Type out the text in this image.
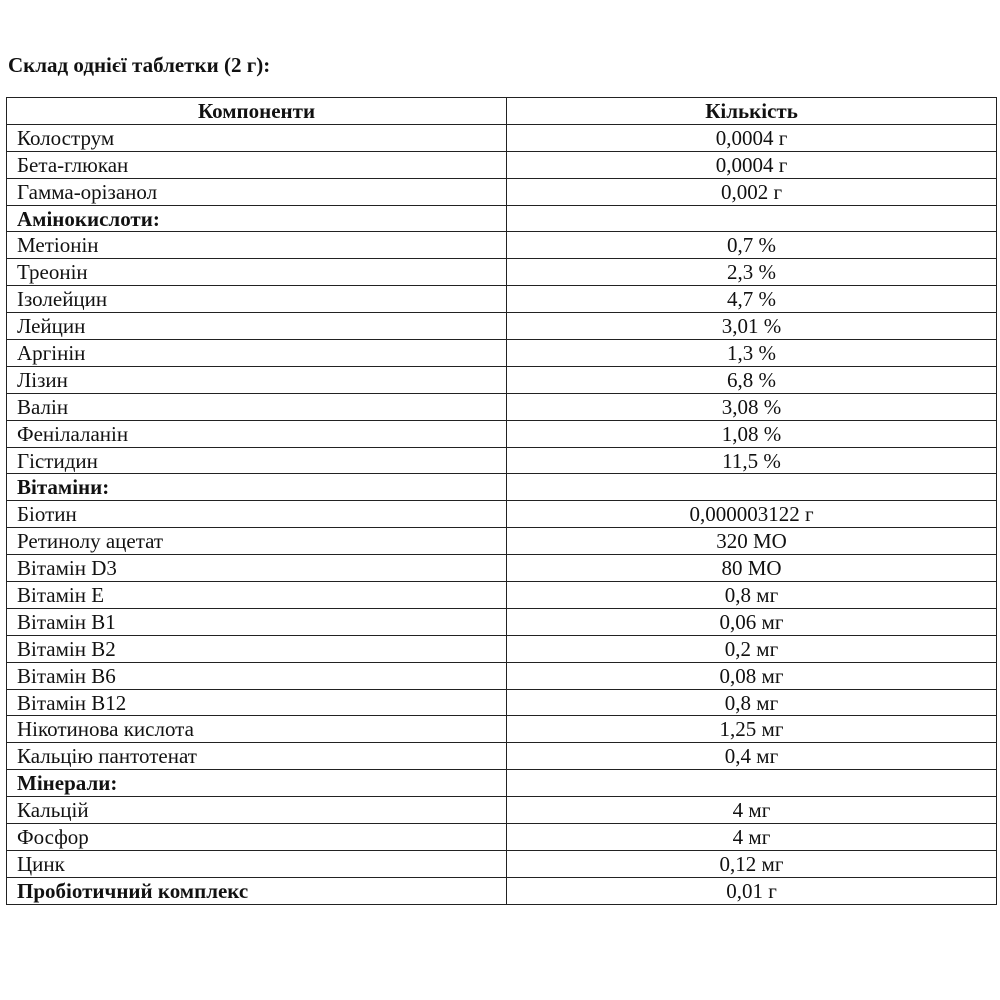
Склад однієї таблетки (2 г):
Компоненти	Кількість
Колострум	0,0004 г
Бета-глюкан	0,0004 г
Гамма-орізанол	0,002 г
Амінокислоти:	
Метіонін	0,7 %
Треонін	2,3 %
Ізолейцин	4,7 %
Лейцин	3,01 %
Аргінін	1,3 %
Лізин	6,8 %
Валін	3,08 %
Фенілаланін	1,08 %
Гістидин	11,5 %
Вітаміни:	
Біотин	0,000003122 г
Ретинолу ацетат	320 МО
Вітамін D3	80 МО
Вітамін Е	0,8 мг
Вітамін В1	0,06 мг
Вітамін В2	0,2 мг
Вітамін В6	0,08 мг
Вітамін В12	0,8 мг
Нікотинова кислота	1,25 мг
Кальцію пантотенат	0,4 мг
Мінерали:	
Кальцій	4 мг
Фосфор	4 мг
Цинк	0,12 мг
Пробіотичний комплекс	0,01 г
